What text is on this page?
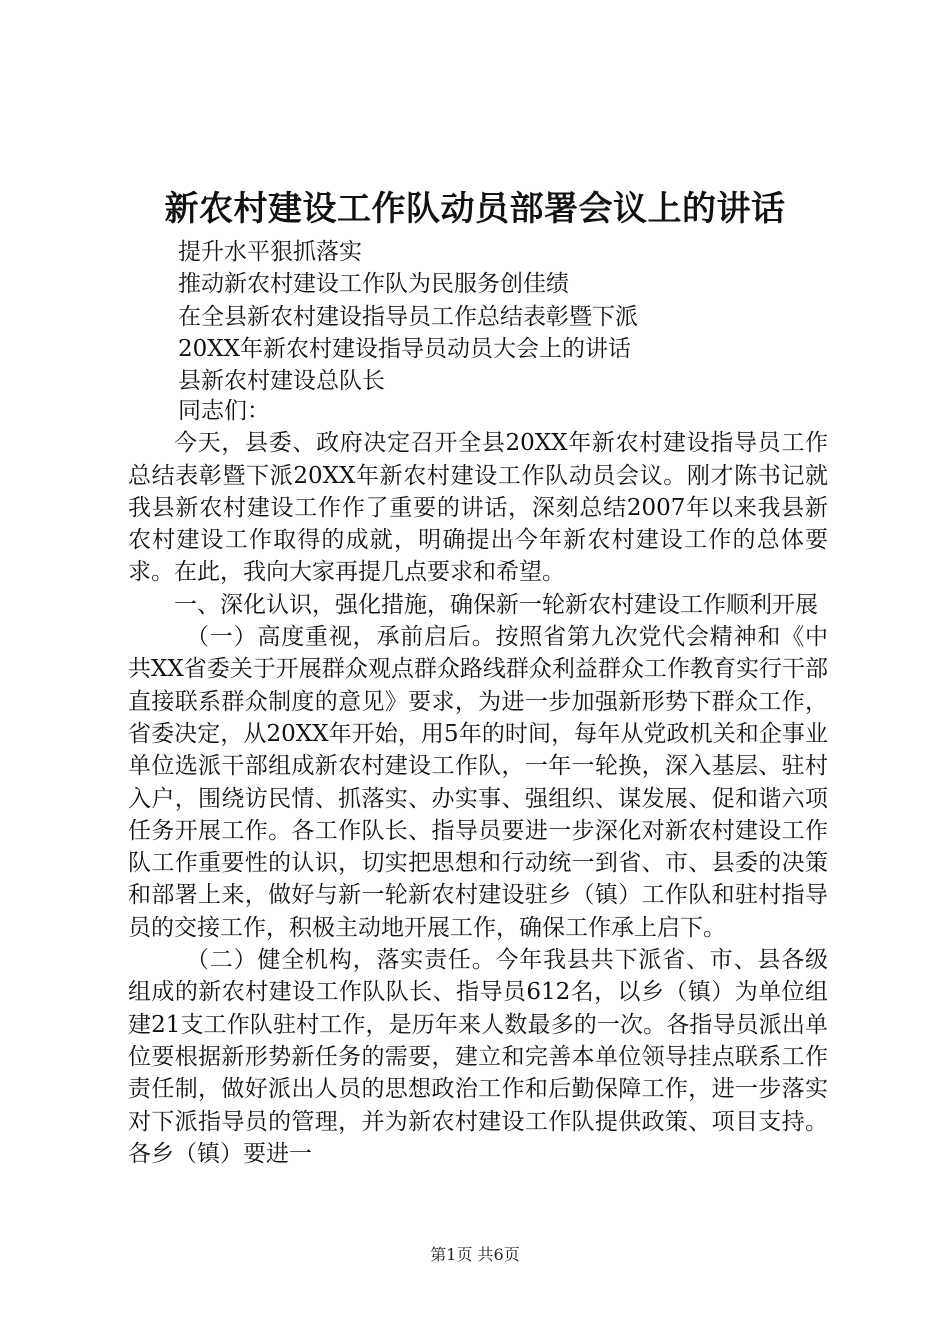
新农村建设工作队动员部署会议上的讲话
提升水平狠抓落实
推动新农村建设工作队为民服务创佳绩
在全县新农村建设指导员工作总结表彰暨下派
20XX年新农村建设指导员动员大会上的讲话
县新农村建设总队长

同志们：

今天，县委、政府决定召开全县20XX年新农村建设指导员工作总结表彰暨下派20XX年新农村建设工作队动员会议。刚才陈书记就我县新农村建设工作作了重要的讲话，深刻总结2007年以来我县新农村建设工作取得的成就，明确提出今年新农村建设工作的总体要求。在此，我向大家再提几点要求和希望。

一、深化认识，强化措施，确保新一轮新农村建设工作顺利开展

（一）高度重视，承前启后。按照省第九次党代会精神和《中共XX省委关于开展群众观点群众路线群众利益群众工作教育实行干部直接联系群众制度的意见》要求，为进一步加强新形势下群众工作，省委决定，从20XX年开始，用5年的时间，每年从党政机关和企事业单位选派干部组成新农村建设工作队，一年一轮换，深入基层、驻村入户，围绕访民情、抓落实、办实事、强组织、谋发展、促和谐六项任务开展工作。各工作队长、指导员要进一步深化对新农村建设工作队工作重要性的认识，切实把思想和行动统一到省、市、县委的决策和部署上来，做好与新一轮新农村建设驻乡（镇）工作队和驻村指导员的交接工作，积极主动地开展工作，确保工作承上启下。

（二）健全机构，落实责任。今年我县共下派省、市、县各级组成的新农村建设工作队队长、指导员612名，以乡（镇）为单位组建21支工作队驻村工作，是历年来人数最多的一次。各指导员派出单位要根据新形势新任务的需要，建立和完善本单位领导挂点联系工作责任制，做好派出人员的思想政治工作和后勤保障工作，进一步落实对下派指导员的管理，并为新农村建设工作队提供政策、项目支持。各乡（镇）要进一

第1页 共6页
